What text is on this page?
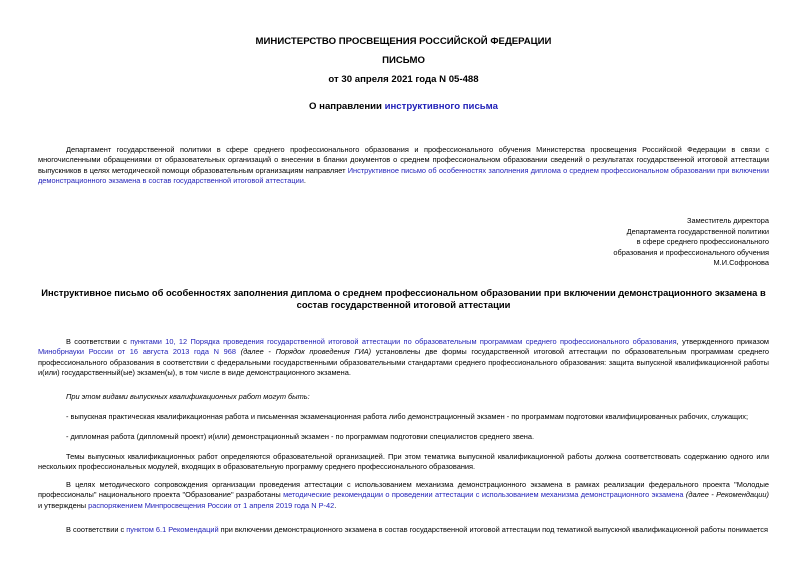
МИНИСТЕРСТВО ПРОСВЕЩЕНИЯ РОССИЙСКОЙ ФЕДЕРАЦИИ
ПИСЬМО
от 30 апреля 2021 года N 05-488
О направлении инструктивного письма

Департамент государственной политики в сфере среднего профессионального образования и профессионального обучения Министерства просвещения Российской Федерации в связи с многочисленными обращениями от образовательных организаций о внесении в бланки документов о среднем профессиональном образовании сведений о результатах государственной итоговой аттестации выпускников в целях методической помощи образовательным организациям направляет Инструктивное письмо об особенностях заполнения диплома о среднем профессиональном образовании при включении демонстрационного экзамена в состав государственной итоговой аттестации.

Заместитель директора
Департамента государственной политики
в сфере среднего профессионального
образования и профессионального обучения
М.И.Софронова
Инструктивное письмо об особенностях заполнения диплома о среднем профессиональном образовании при включении демонстрационного экзамена в состав государственной итоговой аттестации

В соответствии с пунктами 10, 12 Порядка проведения государственной итоговой аттестации по образовательным программам среднего профессионального образования, утвержденного приказом Минобрнауки России от 16 августа 2013 года N 968 (далее - Порядок проведения ГИА) установлены две формы государственной итоговой аттестации по образовательным программам среднего профессионального образования в соответствии с федеральными государственными образовательными стандартами среднего профессионального образования: защита выпускной квалификационной работы и(или) государственный(ые) экзамен(ы), в том числе в виде демонстрационного экзамена.

При этом видами выпускных квалификационных работ могут быть:

- выпускная практическая квалификационная работа и письменная экзаменационная работа либо демонстрационный экзамен - по программам подготовки квалифицированных рабочих, служащих;

- дипломная работа (дипломный проект) и(или) демонстрационный экзамен - по программам подготовки специалистов среднего звена.

Темы выпускных квалификационных работ определяются образовательной организацией. При этом тематика выпускной квалификационной работы должна соответствовать содержанию одного или нескольких профессиональных модулей, входящих в образовательную программу среднего профессионального образования.

В целях методического сопровождения организации проведения аттестации с использованием механизма демонстрационного экзамена в рамках реализации федерального проекта "Молодые профессионалы" национального проекта "Образование" разработаны методические рекомендации о проведении аттестации с использованием механизма демонстрационного экзамена (далее - Рекомендации) и утверждены распоряжением Минпросвещения России от 1 апреля 2019 года N Р-42.

В соответствии с пунктом 6.1 Рекомендаций при включении демонстрационного экзамена в состав государственной итоговой аттестации под тематикой выпускной квалификационной работы понимается
